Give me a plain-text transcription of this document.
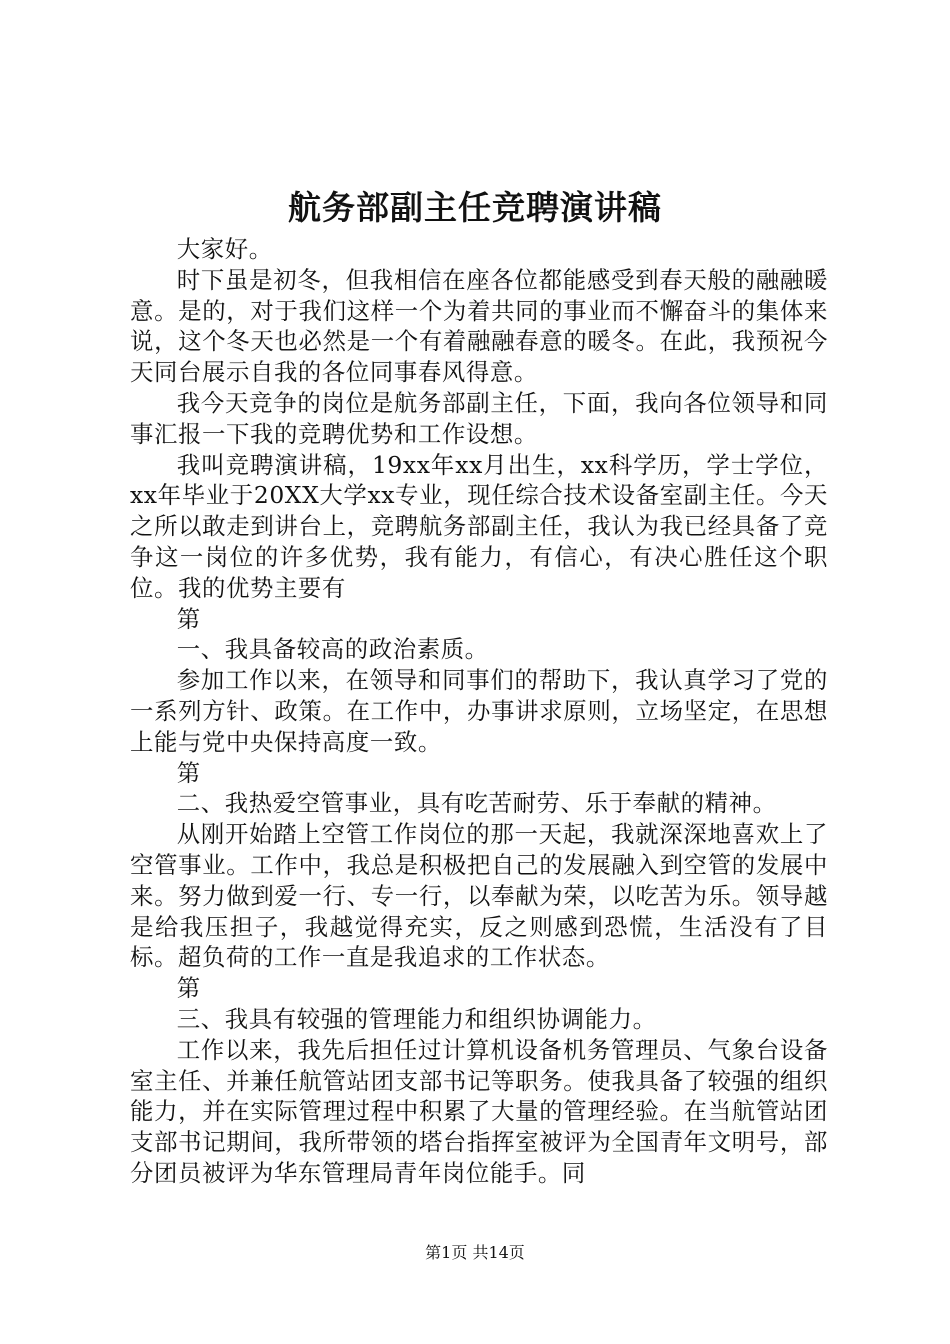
航务部副主任竞聘演讲稿

大家好。

时下虽是初冬，但我相信在座各位都能感受到春天般的融融暖意。是的，对于我们这样一个为着共同的事业而不懈奋斗的集体来说，这个冬天也必然是一个有着融融春意的暖冬。在此，我预祝今天同台展示自我的各位同事春风得意。

我今天竞争的岗位是航务部副主任，下面，我向各位领导和同事汇报一下我的竞聘优势和工作设想。

我叫竞聘演讲稿，19xx年xx月出生，xx科学历，学士学位，xx年毕业于20XX大学xx专业，现任综合技术设备室副主任。今天之所以敢走到讲台上，竞聘航务部副主任，我认为我已经具备了竞争这一岗位的许多优势，我有能力，有信心，有决心胜任这个职位。我的优势主要有

第

一、我具备较高的政治素质。

参加工作以来，在领导和同事们的帮助下，我认真学习了党的一系列方针、政策。在工作中，办事讲求原则，立场坚定，在思想上能与党中央保持高度一致。

第

二、我热爱空管事业，具有吃苦耐劳、乐于奉献的精神。

从刚开始踏上空管工作岗位的那一天起，我就深深地喜欢上了空管事业。工作中，我总是积极把自己的发展融入到空管的发展中来。努力做到爱一行、专一行，以奉献为荣，以吃苦为乐。领导越是给我压担子，我越觉得充实，反之则感到恐慌，生活没有了目标。超负荷的工作一直是我追求的工作状态。

第

三、我具有较强的管理能力和组织协调能力。

工作以来，我先后担任过计算机设备机务管理员、气象台设备室主任、并兼任航管站团支部书记等职务。使我具备了较强的组织能力，并在实际管理过程中积累了大量的管理经验。在当航管站团支部书记期间，我所带领的塔台指挥室被评为全国青年文明号，部分团员被评为华东管理局青年岗位能手。同

第1页 共14页
